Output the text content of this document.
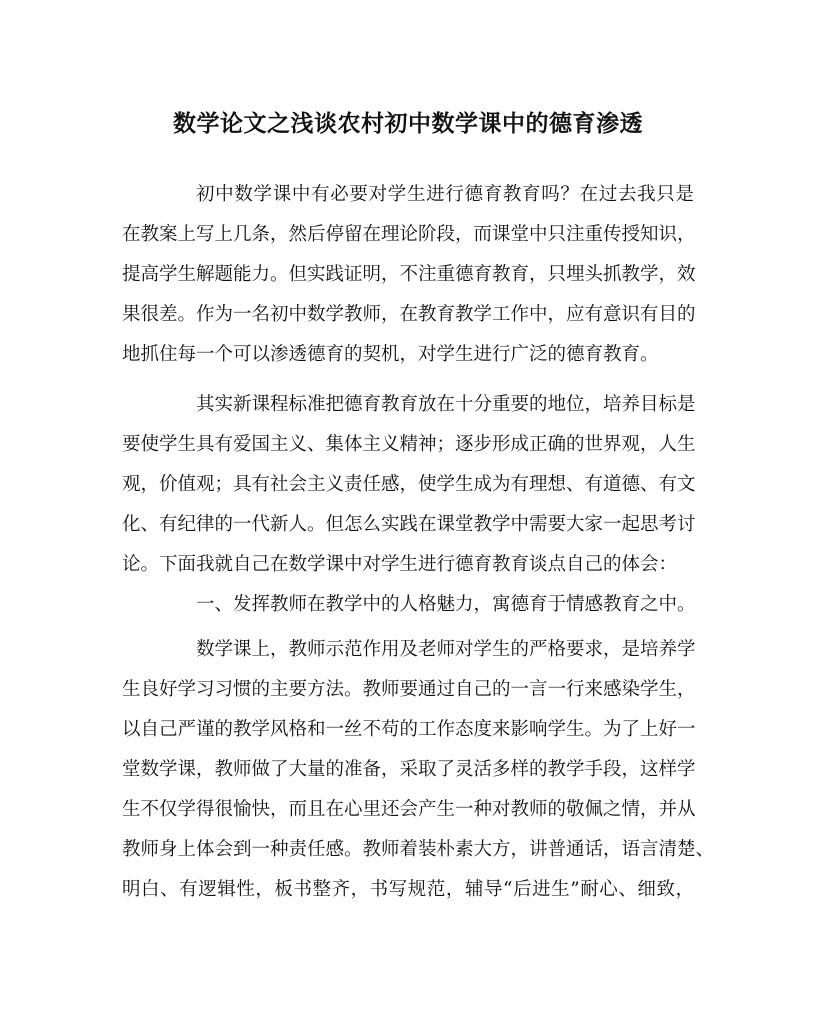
数学论文之浅谈农村初中数学课中的德育渗透

初中数学课中有必要对学生进行德育教育吗？在过去我只是

在教案上写上几条，然后停留在理论阶段，而课堂中只注重传授知识，

提高学生解题能力。但实践证明，不注重德育教育，只埋头抓教学，效

果很差。作为一名初中数学教师，在教育教学工作中，应有意识有目的

地抓住每一个可以渗透德育的契机，对学生进行广泛的德育教育。

其实新课程标准把德育教育放在十分重要的地位，培养目标是

要使学生具有爱国主义、集体主义精神；逐步形成正确的世界观，人生

观，价值观；具有社会主义责任感，使学生成为有理想、有道德、有文

化、有纪律的一代新人。但怎么实践在课堂教学中需要大家一起思考讨

论。下面我就自己在数学课中对学生进行德育教育谈点自己的体会：

一、发挥教师在教学中的人格魅力，寓德育于情感教育之中。

数学课上，教师示范作用及老师对学生的严格要求，是培养学

生良好学习习惯的主要方法。教师要通过自己的一言一行来感染学生，

以自己严谨的教学风格和一丝不苟的工作态度来影响学生。为了上好一

堂数学课，教师做了大量的准备，采取了灵活多样的教学手段，这样学

生不仅学得很愉快，而且在心里还会产生一种对教师的敬佩之情，并从

教师身上体会到一种责任感。教师着装朴素大方，讲普通话，语言清楚、

明白、有逻辑性，板书整齐，书写规范，辅导“后进生”耐心、细致，
